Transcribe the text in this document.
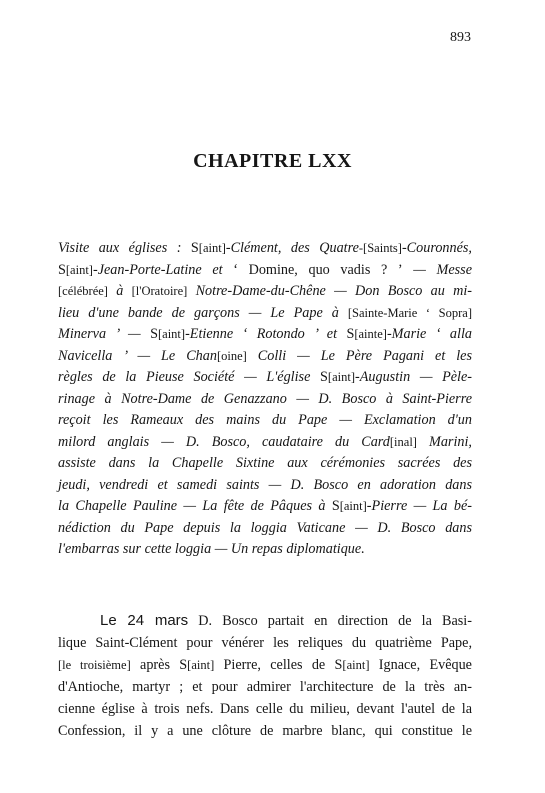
893
CHAPITRE LXX
Visite aux églises : S[aint]-Clément, des Quatre-[Saints]-Couronnés,
S[aint]-Jean-Porte-Latine et ‘ Domine, quo vadis ? ’ — Messe
[célébrée] à [l'Oratoire] Notre-Dame-du-Chêne — Don Bosco au mi-
lieu d'une bande de garçons — Le Pape à [Sainte-Marie ‘ Sopra]
Minerva ’ — S[aint]-Etienne ‘ Rotondo ’ et S[ainte]-Marie ‘ alla
Navicella ’ — Le Chan[oine] Colli — Le Père Pagani et les
règles de la Pieuse Société — L'église S[aint]-Augustin — Pèle-
rinage à Notre-Dame de Genazzano — D. Bosco à Saint-Pierre
reçoit les Rameaux des mains du Pape — Exclamation d'un
milord anglais — D. Bosco, caudataire du Card[inal] Marini,
assiste dans la Chapelle Sixtine aux cérémonies sacrées des
jeudi, vendredi et samedi saints — D. Bosco en adoration dans
la Chapelle Pauline — La fête de Pâques à S[aint]-Pierre — La bé-
nédiction du Pape depuis la loggia Vaticane — D. Bosco dans
l'embarras sur cette loggia — Un repas diplomatique.
Le 24 mars D. Bosco partait en direction de la Basi-
lique Saint-Clément pour vénérer les reliques du quatrième Pape,
[le troisième] après S[aint] Pierre, celles de S[aint] Ignace, Evêque
d'Antioche, martyr ; et pour admirer l'architecture de la très an-
cienne église à trois nefs. Dans celle du milieu, devant l'autel de la
Confession, il y a une clôture de marbre blanc, qui constitue le
